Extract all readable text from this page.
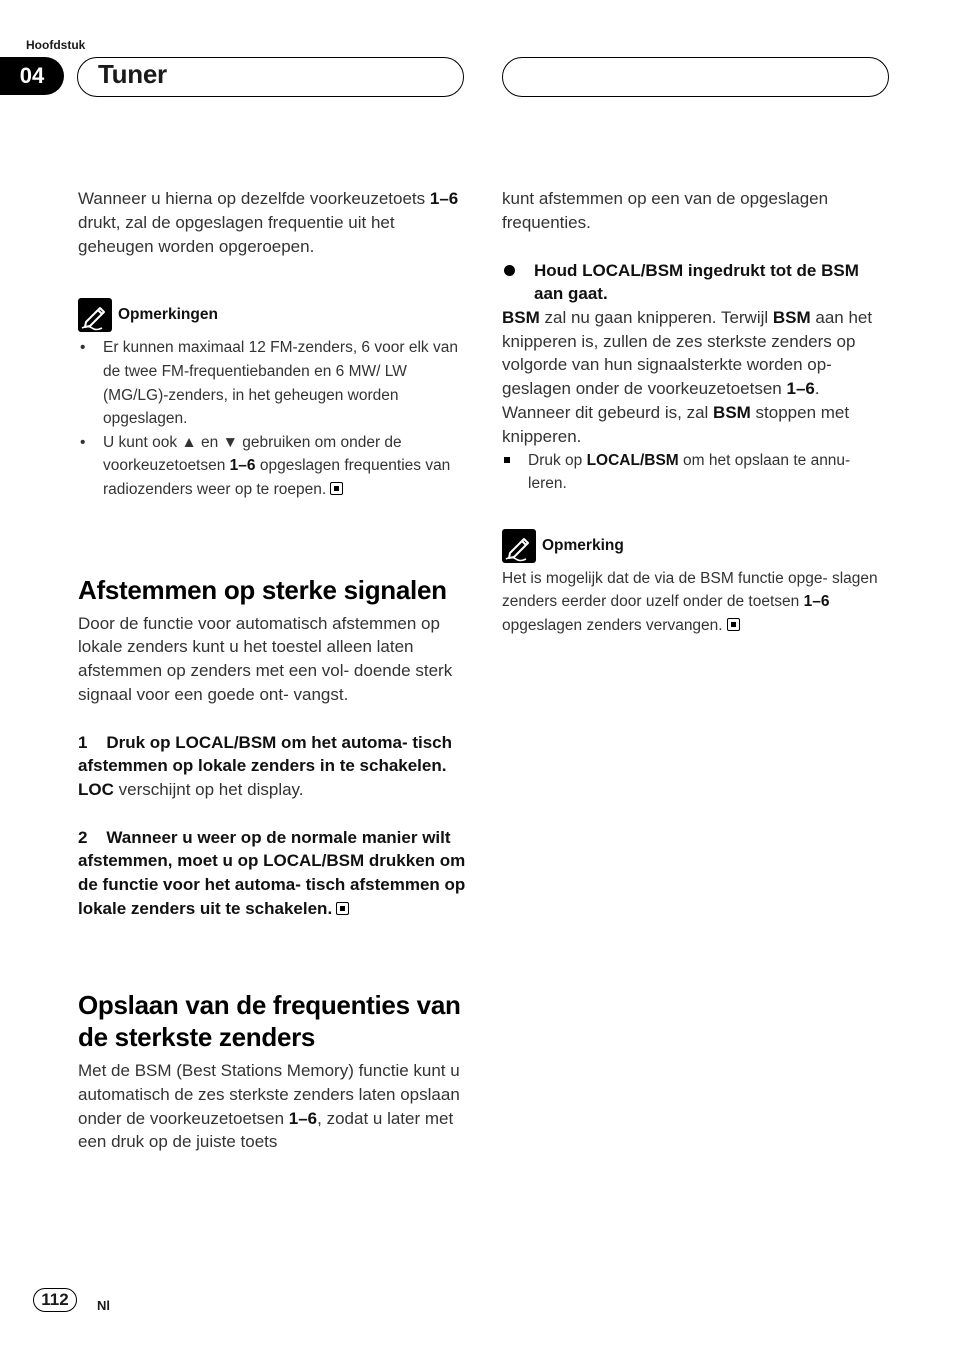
Hoofdstuk
04	Tuner

Wanneer u hierna op dezelfde voorkeuzetoets 1–6 drukt, zal de opgeslagen frequentie uit het geheugen worden opgeroepen.

Opmerkingen
• Er kunnen maximaal 12 FM-zenders, 6 voor elk van de twee FM-frequentiebanden en 6 MW/ LW (MG/LG)-zenders, in het geheugen worden opgeslagen.
• U kunt ook ▲ en ▼ gebruiken om onder de voorkeuzetoetsen 1–6 opgeslagen frequenties van radiozenders weer op te roepen.
Afstemmen op sterke signalen

Door de functie voor automatisch afstemmen op lokale zenders kunt u het toestel alleen laten afstemmen op zenders met een vol- doende sterk signaal voor een goede ont- vangst.

1    Druk op LOCAL/BSM om het automa- tisch afstemmen op lokale zenders in te schakelen.

LOC verschijnt op het display.

2    Wanneer u weer op de normale manier wilt afstemmen, moet u op LOCAL/BSM drukken om de functie voor het automa- tisch afstemmen op lokale zenders uit te schakelen.

Opslaan van de frequenties van de sterkste zenders

Met de BSM (Best Stations Memory) functie kunt u automatisch de zes sterkste zenders laten opslaan onder de voorkeuzetoetsen 1–6, zodat u later met een druk op de juiste toets

kunt afstemmen op een van de opgeslagen frequenties.

Houd LOCAL/BSM ingedrukt tot de BSM aan gaat.

BSM zal nu gaan knipperen. Terwijl BSM aan het knipperen is, zullen de zes sterkste zenders op volgorde van hun signaalsterkte worden op- geslagen onder de voorkeuzetoetsen 1–6. Wanneer dit gebeurd is, zal BSM stoppen met knipperen.

Druk op LOCAL/BSM om het opslaan te annu- leren.

Opmerking

Het is mogelijk dat de via de BSM functie opge- slagen zenders eerder door uzelf onder de toetsen 1–6 opgeslagen zenders vervangen.

112	Nl
